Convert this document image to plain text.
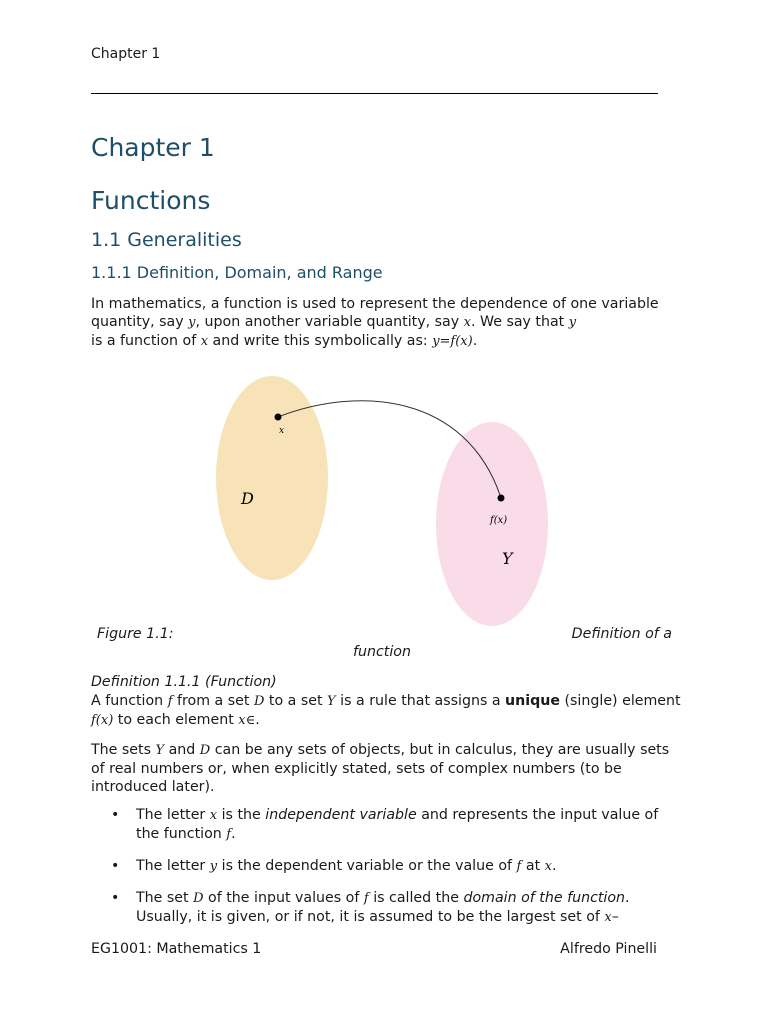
Chapter 1
Chapter 1
Functions
1.1 Generalities
1.1.1 Definition, Domain, and Range

In mathematics, a function is used to represent the dependence of one variable quantity, say y, upon another variable quantity, say x. We say that y
is a function of x and write this symbolically as: y=f(x).

x
D
f(x)
Y
Figure 1.1:	Definition of a
function
Definition 1.1.1 (Function)

A function f from a set D to a set Y is a rule that assigns a unique (single) element f(x) to each element x∈.

The sets Y and D can be any sets of objects, but in calculus, they are usually sets of real numbers or, when explicitly stated, sets of complex numbers (to be introduced later).

• The letter x is the independent variable and represents the input value of the function f.
• The letter y is the dependent variable or the value of f at x.
• The set D of the input values of f is called the domain of the function. Usually, it is given, or if not, it is assumed to be the largest set of x–
EG1001: Mathematics 1	Alfredo Pinelli
